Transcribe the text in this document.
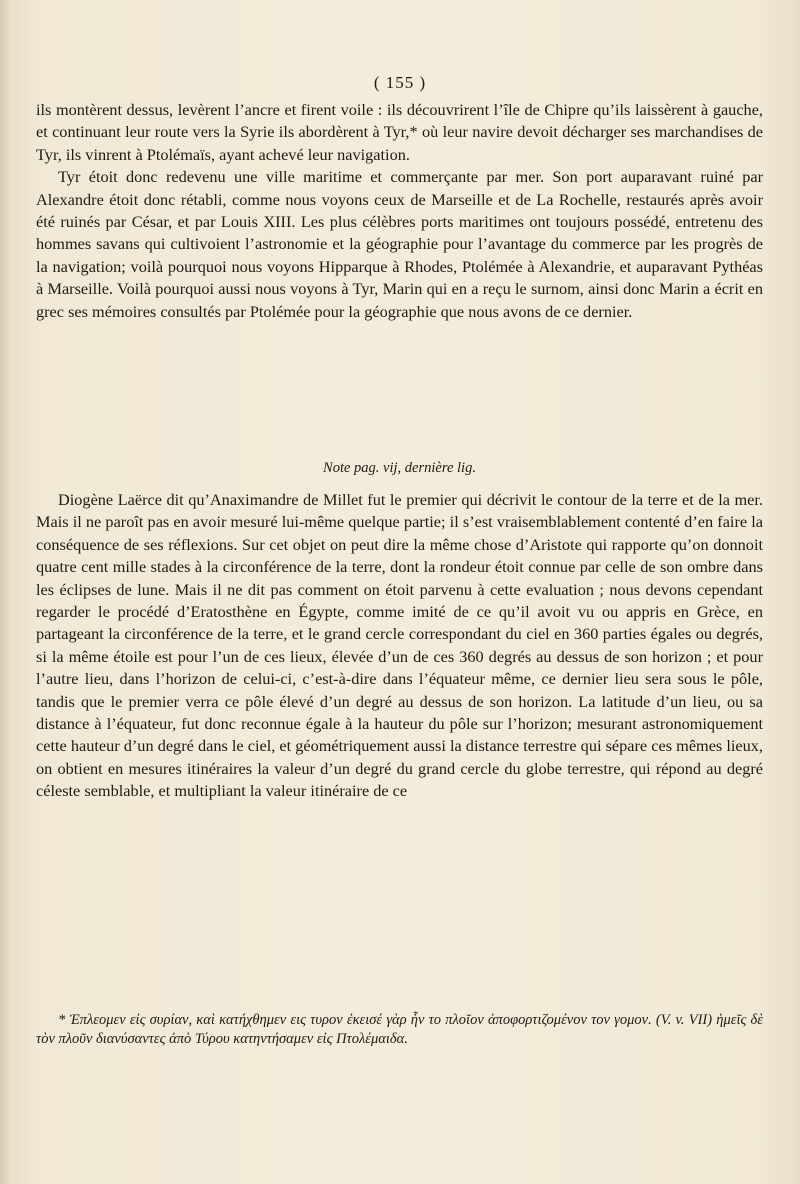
( 155 )

ils montèrent dessus, levèrent l’ancre et firent voile : ils découvrirent l’île de Chipre qu’ils laissèrent à gauche, et continuant leur route vers la Syrie ils abordèrent à Tyr,* où leur navire devoit décharger ses marchandises de Tyr, ils vinrent à Ptolémaïs, ayant achevé leur navigation.

Tyr étoit donc redevenu une ville maritime et commerçante par mer. Son port auparavant ruiné par Alexandre étoit donc rétabli, comme nous voyons ceux de Marseille et de La Rochelle, restaurés après avoir été ruinés par César, et par Louis XIII. Les plus célèbres ports maritimes ont toujours possédé, entretenu des hommes savans qui cultivoient l’astronomie et la géographie pour l’avantage du commerce par les progrès de la navigation; voilà pourquoi nous voyons Hipparque à Rhodes, Ptolémée à Alexandrie, et auparavant Pythéas à Marseille. Voilà pourquoi aussi nous voyons à Tyr, Marin qui en a reçu le surnom, ainsi donc Marin a écrit en grec ses mémoires consultés par Ptolémée pour la géographie que nous avons de ce dernier.

Note pag. vij, dernière lig.

Diogène Laërce dit qu’Anaximandre de Millet fut le premier qui décrivit le contour de la terre et de la mer. Mais il ne paroît pas en avoir mesuré lui-même quelque partie; il s’est vraisemblablement contenté d’en faire la conséquence de ses réflexions. Sur cet objet on peut dire la même chose d’Aristote qui rapporte qu’on donnoit quatre cent mille stades à la circonférence de la terre, dont la rondeur étoit connue par celle de son ombre dans les éclipses de lune. Mais il ne dit pas comment on étoit parvenu à cette evaluation ; nous devons cependant regarder le procédé d’Eratosthène en Égypte, comme imité de ce qu’il avoit vu ou appris en Grèce, en partageant la circonférence de la terre, et le grand cercle correspondant du ciel en 360 parties égales ou degrés, si la même étoile est pour l’un de ces lieux, élevée d’un de ces 360 degrés au dessus de son horizon ; et pour l’autre lieu, dans l’horizon de celui-ci, c’est-à-dire dans l’équateur même, ce dernier lieu sera sous le pôle, tandis que le premier verra ce pôle élevé d’un degré au dessus de son horizon. La latitude d’un lieu, ou sa distance à l’équateur, fut donc reconnue égale à la hauteur du pôle sur l’horizon; mesurant astronomiquement cette hauteur d’un degré dans le ciel, et géométriquement aussi la distance terrestre qui sépare ces mêmes lieux, on obtient en mesures itinéraires la valeur d’un degré du grand cercle du globe terrestre, qui répond au degré céleste semblable, et multipliant la valeur itinéraire de ce

* Ἐπλεομεν εἰς συρίαν, καὶ κατήχθημεν εις τυρον ἐκεισέ γὰρ ἦν το πλοῖον ἀποφορτιζομένον τον γομον. (V. v. VII) ἡμεῖς δὲ τὸν πλοῦν διανύσαντες ἀπὸ Τύρου κατηντήσαμεν εἰς Πτολέμαιδα.
